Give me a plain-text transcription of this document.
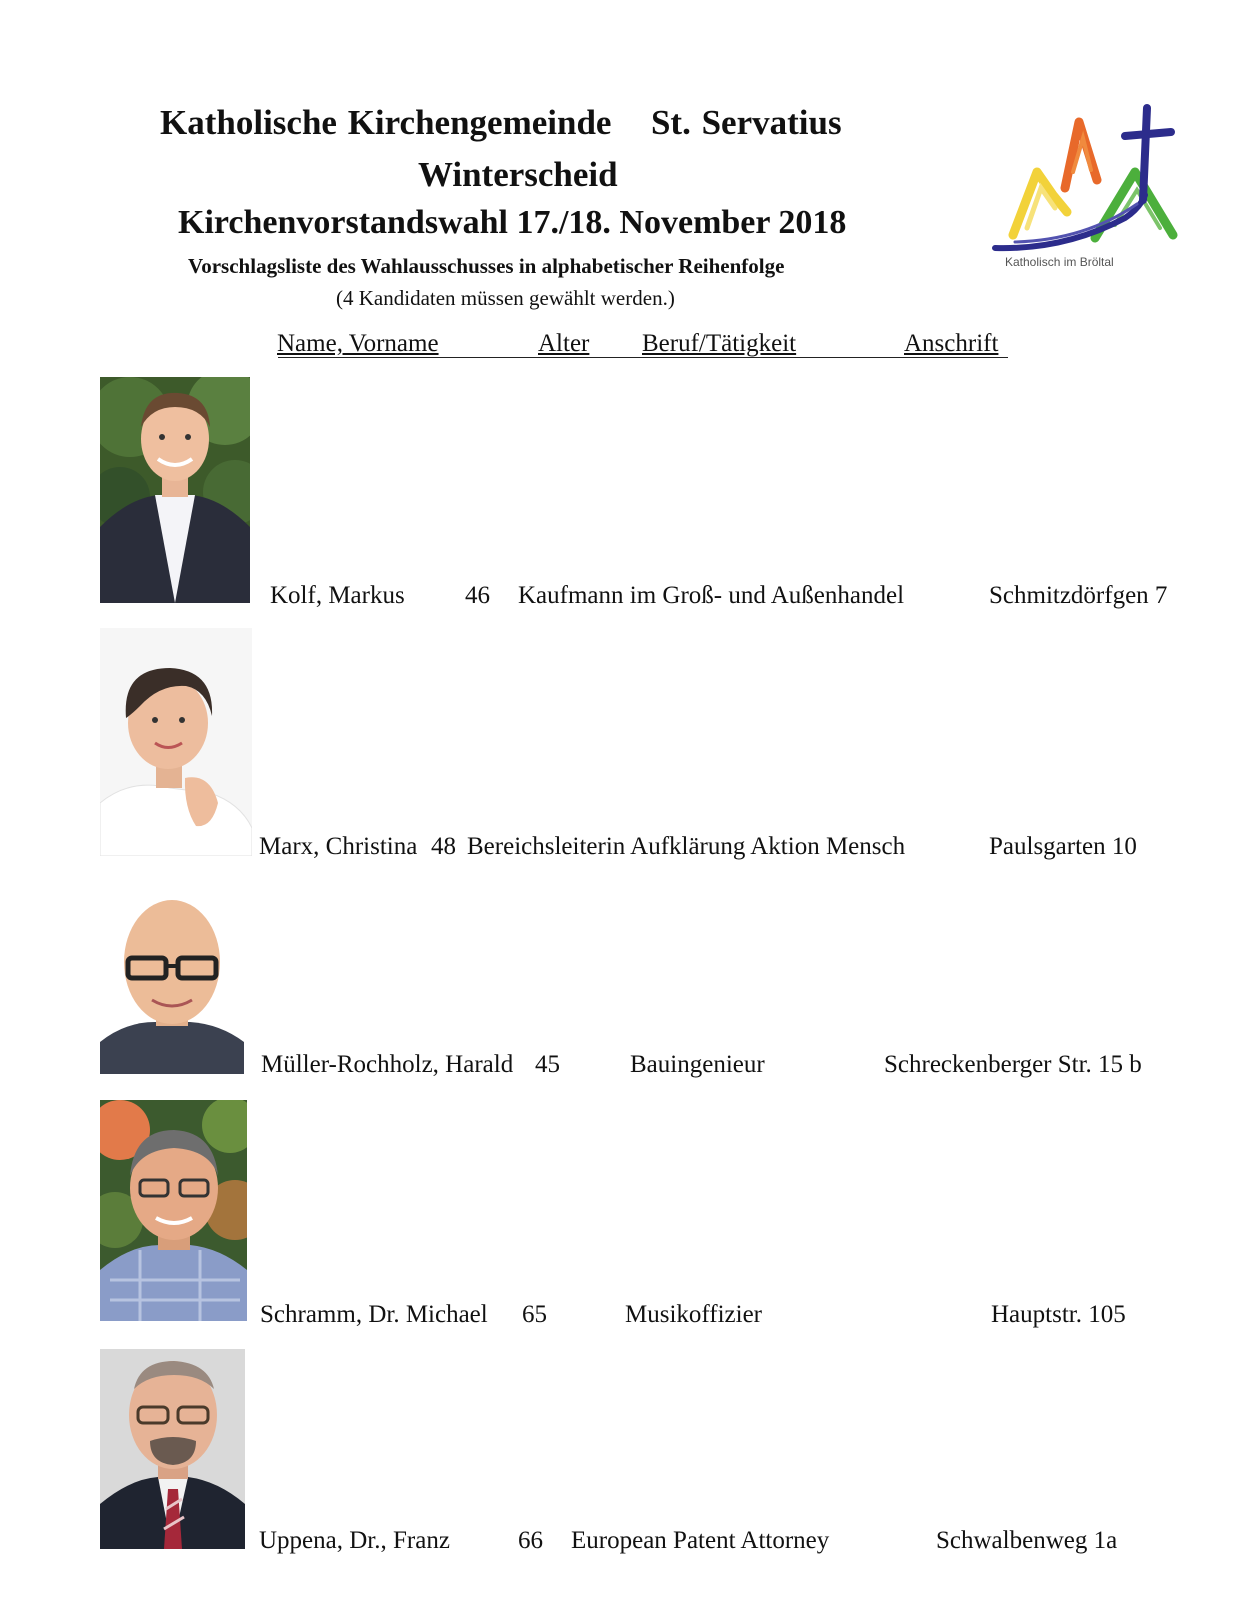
Katholische Kirchengemeinde St. Servatius
Winterscheid
Kirchenvorstandswahl 17./18. November 2018
Vorschlagsliste des Wahlausschusses in alphabetischer Reihenfolge
(4 Kandidaten müssen gewählt werden.)
Katholisch im Bröltal
Name, Vorname	Alter Beruf/Tätigkeit	Anschrift
Kolf, Markus 46 Kaufmann im Groß- und Außenhandel	Schmitzdörfgen 7
Marx, Christina 48 Bereichsleiterin Aufklärung Aktion Mensch	Paulsgarten 10
Müller-Rochholz, Harald 45	Bauingenieur	Schreckenberger Str. 15 b
Schramm, Dr. Michael 65	Musikoffizier	Hauptstr. 105
Uppena, Dr., Franz	66 European Patent Attorney	Schwalbenweg 1a
